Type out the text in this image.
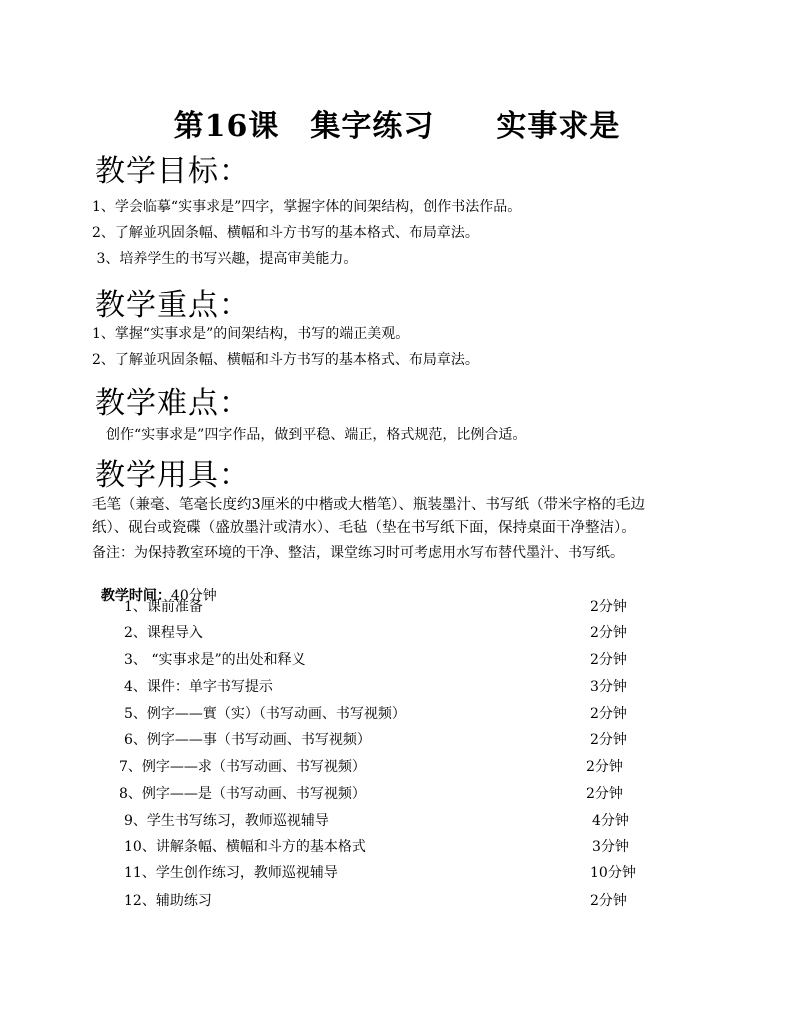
第16课　集字练习　　实事求是
教学目标：
1、学会临摹“实事求是”四字，掌握字体的间架结构，创作书法作品。
2、了解並巩固条幅、横幅和斗方书写的基本格式、布局章法。
3、培养学生的书写兴趣，提高审美能力。
教学重点：
1、掌握“实事求是”的间架结构，书写的端正美观。
2、了解並巩固条幅、横幅和斗方书写的基本格式、布局章法。
教学难点：
创作“实事求是”四字作品，做到平稳、端正，格式规范，比例合适。
教学用具：
毛笔（兼毫、笔毫长度约3厘米的中楷或大楷笔）、瓶装墨汁、书写纸（带米字格的毛边
纸）、砚台或瓷碟（盛放墨汁或清水）、毛毡（垫在书写纸下面，保持桌面干净整洁）。
备注：为保持教室环境的干净、整洁，课堂练习时可考虑用水写布替代墨汁、书写纸。

教学时间：40分钟

1、课前准备	2分钟
2、课程导入	2分钟
3、 “实事求是”的出处和释义	2分钟
4、课件：单字书写提示	3分钟
5、例字——實（实）（书写动画、书写视频）	2分钟
6、例字——事（书写动画、书写视频）	2分钟
7、例字——求（书写动画、书写视频）	2分钟
8、例字——是（书写动画、书写视频）	2分钟
9、学生书写练习，教师巡视辅导	4分钟
10、讲解条幅、横幅和斗方的基本格式	3分钟
11、学生创作练习，教师巡视辅导	10分钟
12、辅助练习	2分钟
